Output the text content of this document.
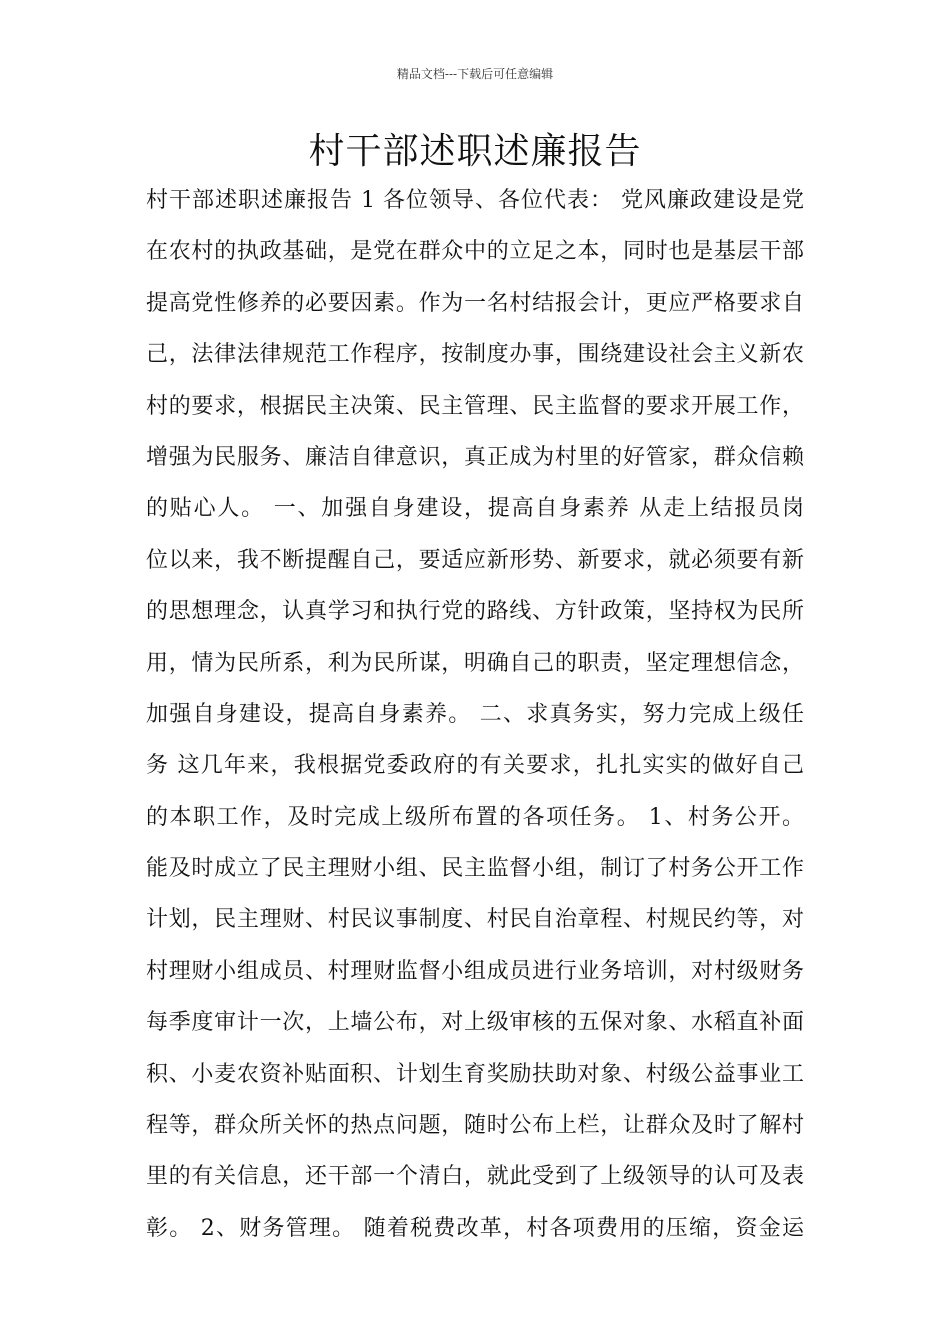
精品文档---下载后可任意编辑
村干部述职述廉报告
村干部述职述廉报告 1 各位领导、各位代表： 党风廉政建设是党
在农村的执政基础，是党在群众中的立足之本，同时也是基层干部
提高党性修养的必要因素。作为一名村结报会计，更应严格要求自
己，法律法律规范工作程序，按制度办事，围绕建设社会主义新农
村的要求，根据民主决策、民主管理、民主监督的要求开展工作，
增强为民服务、廉洁自律意识，真正成为村里的好管家，群众信赖
的贴心人。 一、加强自身建设，提高自身素养 从走上结报员岗
位以来，我不断提醒自己，要适应新形势、新要求，就必须要有新
的思想理念，认真学习和执行党的路线、方针政策，坚持权为民所
用，情为民所系，利为民所谋，明确自己的职责，坚定理想信念，
加强自身建设，提高自身素养。 二、求真务实，努力完成上级任
务 这几年来，我根据党委政府的有关要求，扎扎实实的做好自己
的本职工作，及时完成上级所布置的各项任务。 1、村务公开。
能及时成立了民主理财小组、民主监督小组，制订了村务公开工作
计划，民主理财、村民议事制度、村民自治章程、村规民约等，对
村理财小组成员、村理财监督小组成员进行业务培训，对村级财务
每季度审计一次，上墙公布，对上级审核的五保对象、水稻直补面
积、小麦农资补贴面积、计划生育奖励扶助对象、村级公益事业工
程等，群众所关怀的热点问题，随时公布上栏，让群众及时了解村
里的有关信息，还干部一个清白，就此受到了上级领导的认可及表
彰。 2、财务管理。 随着税费改革，村各项费用的压缩，资金运
